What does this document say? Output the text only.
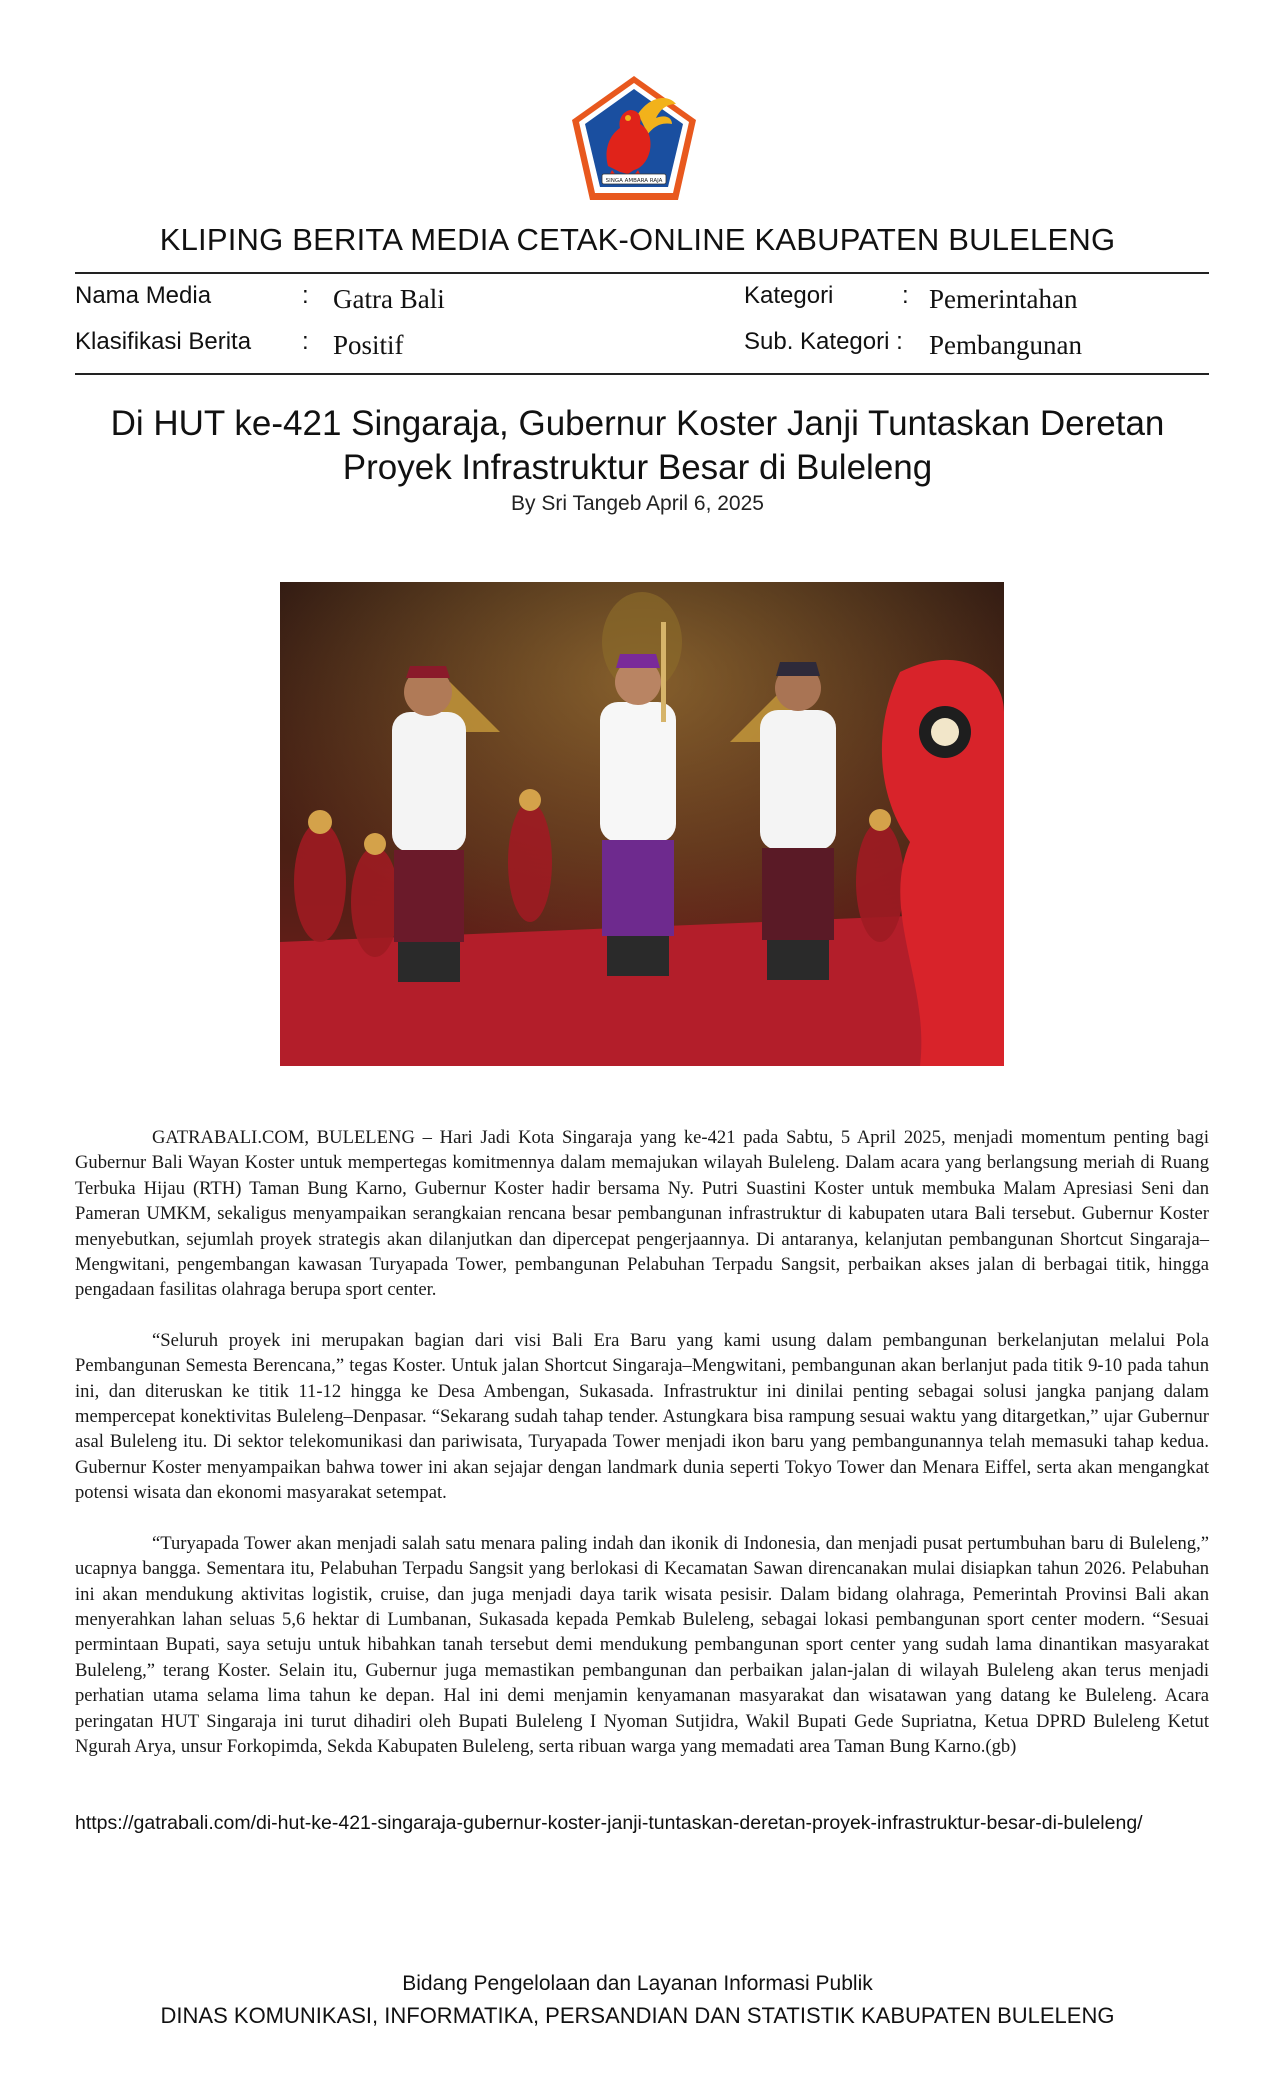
SINGA AMBARA RAJA
KLIPING BERITA MEDIA CETAK-ONLINE KABUPATEN BULELENG
Nama Media	: Gatra Bali
Klasifikasi Berita : Positif
Kategori	: Pemerintahan
Sub. Kategori : Pembangunan
Di HUT ke-421 Singaraja, Gubernur Koster Janji Tuntaskan Deretan
Proyek Infrastruktur Besar di Buleleng
By Sri Tangeb April 6, 2025

GATRABALI.COM, BULELENG – Hari Jadi Kota Singaraja yang ke-421 pada Sabtu, 5 April 2025, menjadi momentum penting bagi Gubernur Bali Wayan Koster untuk mempertegas komitmennya dalam memajukan wilayah Buleleng. Dalam acara yang berlangsung meriah di Ruang Terbuka Hijau (RTH) Taman Bung Karno, Gubernur Koster hadir bersama Ny. Putri Suastini Koster untuk membuka Malam Apresiasi Seni dan Pameran UMKM, sekaligus menyampaikan serangkaian rencana besar pembangunan infrastruktur di kabupaten utara Bali tersebut. Gubernur Koster menyebutkan, sejumlah proyek strategis akan dilanjutkan dan dipercepat pengerjaannya. Di antaranya, kelanjutan pembangunan Shortcut Singaraja–Mengwitani, pengembangan kawasan Turyapada Tower, pembangunan Pelabuhan Terpadu Sangsit, perbaikan akses jalan di berbagai titik, hingga pengadaan fasilitas olahraga berupa sport center.

“Seluruh proyek ini merupakan bagian dari visi Bali Era Baru yang kami usung dalam pembangunan berkelanjutan melalui Pola Pembangunan Semesta Berencana,” tegas Koster. Untuk jalan Shortcut Singaraja–Mengwitani, pembangunan akan berlanjut pada titik 9-10 pada tahun ini, dan diteruskan ke titik 11-12 hingga ke Desa Ambengan, Sukasada. Infrastruktur ini dinilai penting sebagai solusi jangka panjang dalam mempercepat konektivitas Buleleng–Denpasar. “Sekarang sudah tahap tender. Astungkara bisa rampung sesuai waktu yang ditargetkan,” ujar Gubernur asal Buleleng itu. Di sektor telekomunikasi dan pariwisata, Turyapada Tower menjadi ikon baru yang pembangunannya telah memasuki tahap kedua. Gubernur Koster menyampaikan bahwa tower ini akan sejajar dengan landmark dunia seperti Tokyo Tower dan Menara Eiffel, serta akan mengangkat potensi wisata dan ekonomi masyarakat setempat.

“Turyapada Tower akan menjadi salah satu menara paling indah dan ikonik di Indonesia, dan menjadi pusat pertumbuhan baru di Buleleng,” ucapnya bangga. Sementara itu, Pelabuhan Terpadu Sangsit yang berlokasi di Kecamatan Sawan direncanakan mulai disiapkan tahun 2026. Pelabuhan ini akan mendukung aktivitas logistik, cruise, dan juga menjadi daya tarik wisata pesisir. Dalam bidang olahraga, Pemerintah Provinsi Bali akan menyerahkan lahan seluas 5,6 hektar di Lumbanan, Sukasada kepada Pemkab Buleleng, sebagai lokasi pembangunan sport center modern. “Sesuai permintaan Bupati, saya setuju untuk hibahkan tanah tersebut demi mendukung pembangunan sport center yang sudah lama dinantikan masyarakat Buleleng,” terang Koster. Selain itu, Gubernur juga memastikan pembangunan dan perbaikan jalan-jalan di wilayah Buleleng akan terus menjadi perhatian utama selama lima tahun ke depan. Hal ini demi menjamin kenyamanan masyarakat dan wisatawan yang datang ke Buleleng. Acara peringatan HUT Singaraja ini turut dihadiri oleh Bupati Buleleng I Nyoman Sutjidra, Wakil Bupati Gede Supriatna, Ketua DPRD Buleleng Ketut Ngurah Arya, unsur Forkopimda, Sekda Kabupaten Buleleng, serta ribuan warga yang memadati area Taman Bung Karno.(gb)

https://gatrabali.com/di-hut-ke-421-singaraja-gubernur-koster-janji-tuntaskan-deretan-proyek-infrastruktur-besar-di-buleleng/
Bidang Pengelolaan dan Layanan Informasi Publik
DINAS KOMUNIKASI, INFORMATIKA, PERSANDIAN DAN STATISTIK KABUPATEN BULELENG
